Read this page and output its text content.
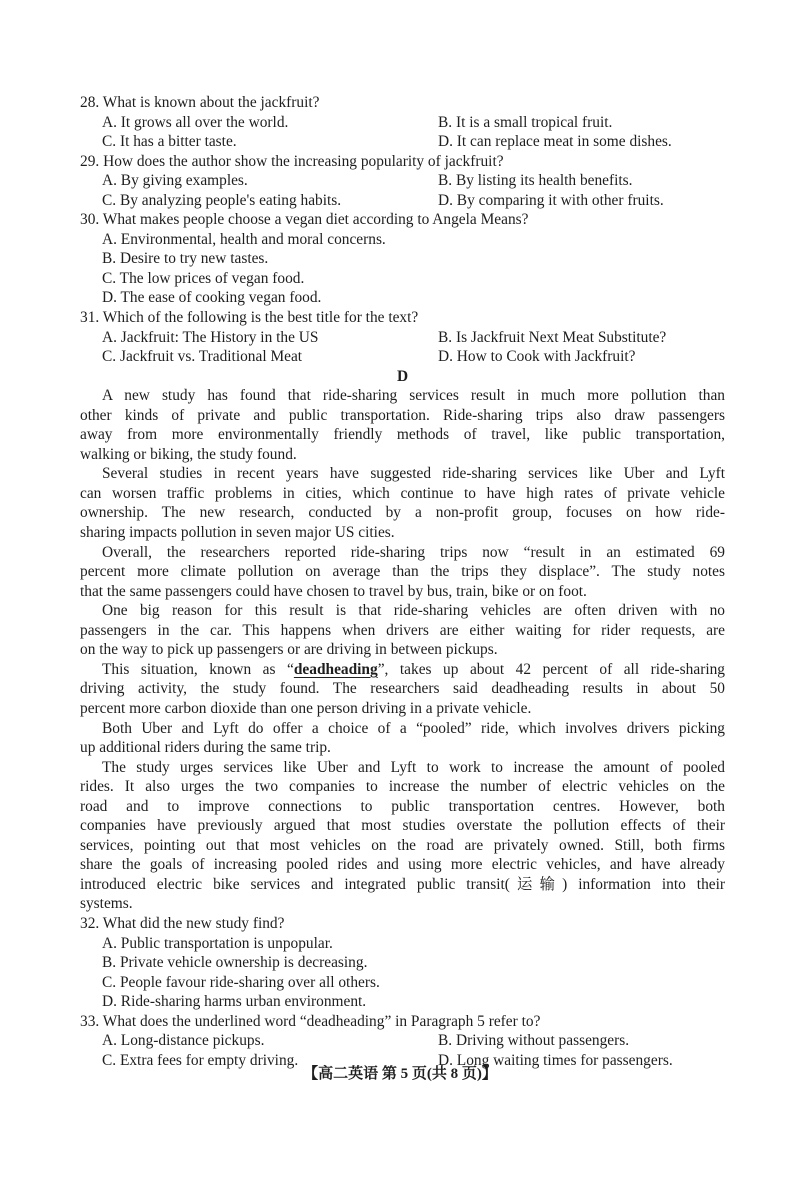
28. What is known about the jackfruit?
A. It grows all over the world.	B. It is a small tropical fruit.
C. It has a bitter taste.	D. It can replace meat in some dishes.
29. How does the author show the increasing popularity of jackfruit?
A. By giving examples.	B. By listing its health benefits.
C. By analyzing people's eating habits.	D. By comparing it with other fruits.
30. What makes people choose a vegan diet according to Angela Means?
A. Environmental, health and moral concerns.
B. Desire to try new tastes.
C. The low prices of vegan food.
D. The ease of cooking vegan food.
31. Which of the following is the best title for the text?
A. Jackfruit: The History in the US	B. Is Jackfruit Next Meat Substitute?
C. Jackfruit vs. Traditional Meat	D. How to Cook with Jackfruit?
D
A new study has found that ride-sharing services result in much more pollution than
other kinds of private and public transportation. Ride-sharing trips also draw passengers
away from more environmentally friendly methods of travel, like public transportation,
walking or biking, the study found.
Several studies in recent years have suggested ride-sharing services like Uber and Lyft
can worsen traffic problems in cities, which continue to have high rates of private vehicle
ownership. The new research, conducted by a non-profit group, focuses on how ride-
sharing impacts pollution in seven major US cities.
Overall, the researchers reported ride-sharing trips now “result in an estimated 69
percent more climate pollution on average than the trips they displace”. The study notes
that the same passengers could have chosen to travel by bus, train, bike or on foot.
One big reason for this result is that ride-sharing vehicles are often driven with no
passengers in the car. This happens when drivers are either waiting for rider requests, are
on the way to pick up passengers or are driving in between pickups.
This situation, known as “deadheading”, takes up about 42 percent of all ride-sharing
driving activity, the study found. The researchers said deadheading results in about 50
percent more carbon dioxide than one person driving in a private vehicle.
Both Uber and Lyft do offer a choice of a “pooled” ride, which involves drivers picking
up additional riders during the same trip.
The study urges services like Uber and Lyft to work to increase the amount of pooled
rides. It also urges the two companies to increase the number of electric vehicles on the
road and to improve connections to public transportation centres. However, both
companies have previously argued that most studies overstate the pollution effects of their
services, pointing out that most vehicles on the road are privately owned. Still, both firms
share the goals of increasing pooled rides and using more electric vehicles, and have already
introduced electric bike services and integrated public transit(运输) information into their
systems.
32. What did the new study find?
A. Public transportation is unpopular.
B. Private vehicle ownership is decreasing.
C. People favour ride-sharing over all others.
D. Ride-sharing harms urban environment.
33. What does the underlined word “deadheading” in Paragraph 5 refer to?
A. Long-distance pickups.	B. Driving without passengers.
C. Extra fees for empty driving.	D. Long waiting times for passengers.
【高二英语 第 5 页(共 8 页)】
